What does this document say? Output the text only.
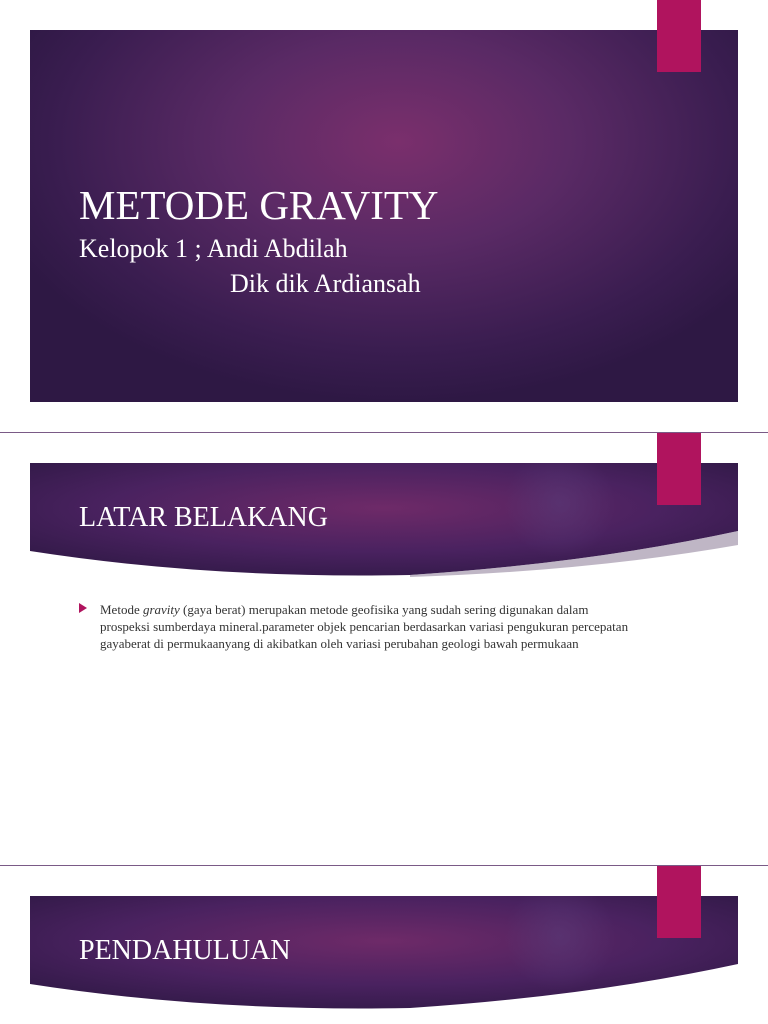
METODE GRAVITY
Kelopok 1 ; Andi Abdilah
Dik dik Ardiansah
LATAR BELAKANG
Metode gravity (gaya berat) merupakan metode geofisika yang sudah sering digunakan dalam prospeksi sumberdaya mineral.parameter objek pencarian berdasarkan variasi pengukuran percepatan gayaberat di permukaanyang di akibatkan oleh variasi perubahan geologi bawah permukaan
PENDAHULUAN
